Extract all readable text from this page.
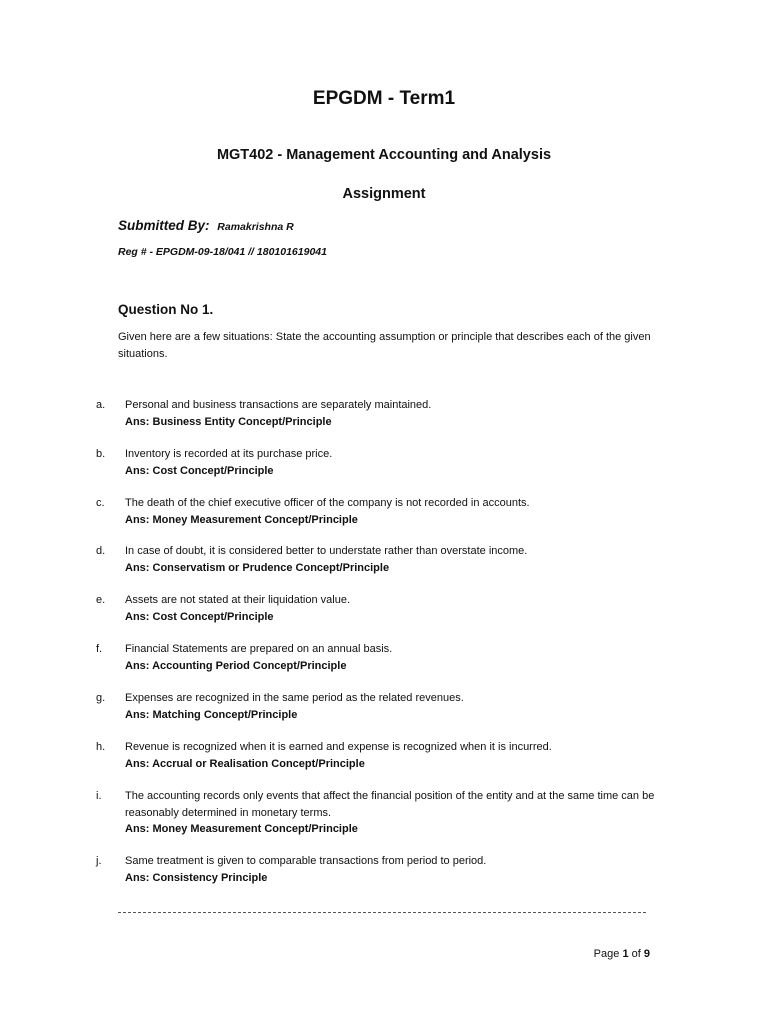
EPGDM - Term1
MGT402 - Management Accounting and Analysis
Assignment
Submitted By: Ramakrishna R
Reg # - EPGDM-09-18/041 // 180101619041
Question No 1.
Given here are a few situations: State the accounting assumption or principle that describes each of the given situations.
a. Personal and business transactions are separately maintained.
Ans: Business Entity Concept/Principle
b. Inventory is recorded at its purchase price.
Ans: Cost Concept/Principle
c. The death of the chief executive officer of the company is not recorded in accounts.
Ans: Money Measurement Concept/Principle
d. In case of doubt, it is considered better to understate rather than overstate income.
Ans: Conservatism or Prudence Concept/Principle
e. Assets are not stated at their liquidation value.
Ans: Cost Concept/Principle
f. Financial Statements are prepared on an annual basis.
Ans: Accounting Period Concept/Principle
g. Expenses are recognized in the same period as the related revenues.
Ans: Matching Concept/Principle
h. Revenue is recognized when it is earned and expense is recognized when it is incurred.
Ans: Accrual or Realisation Concept/Principle
i. The accounting records only events that affect the financial position of the entity and at the same time can be reasonably determined in monetary terms.
Ans: Money Measurement Concept/Principle
j. Same treatment is given to comparable transactions from period to period.
Ans: Consistency Principle
Page 1 of 9
